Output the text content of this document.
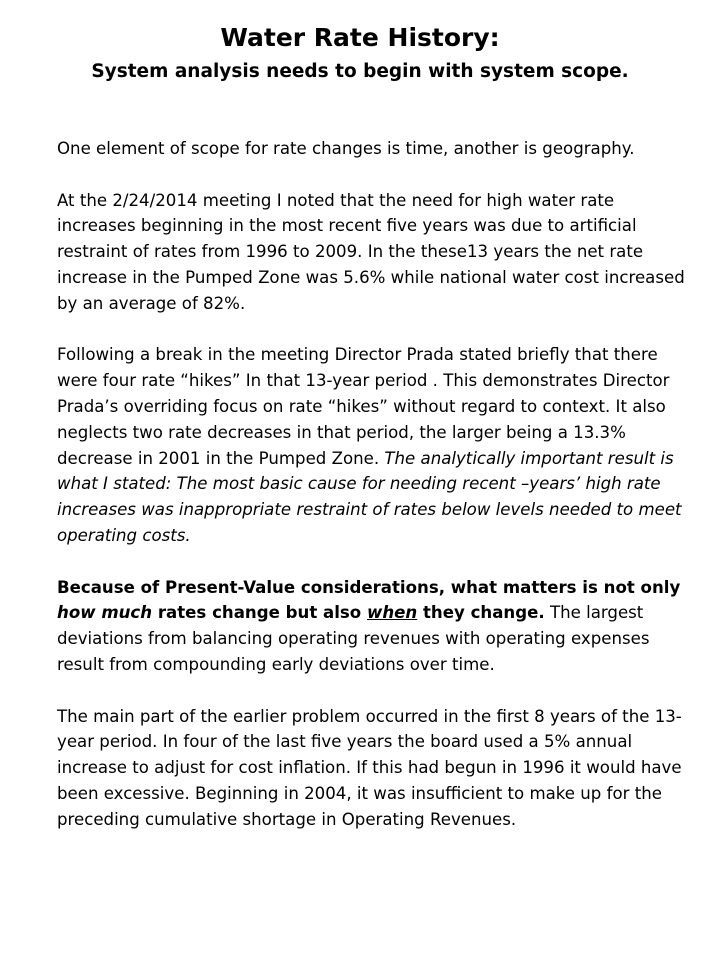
Water Rate History:
System analysis needs to begin with system scope.

One element of scope for rate changes is time, another is geography.

At the 2/24/2014 meeting I noted that the need for high water rate increases beginning in the most recent five years was due to artificial restraint of rates from 1996 to 2009. In the these13 years the net rate increase in the Pumped Zone was 5.6% while national water cost increased by an average of 82%.

Following a break in the meeting Director Prada stated briefly that there were four rate “hikes” In that 13-year period . This demonstrates Director Prada’s overriding focus on rate “hikes” without regard to context. It also neglects two rate decreases in that period, the larger being a 13.3% decrease in 2001 in the Pumped Zone. The analytically important result is what I stated: The most basic cause for needing recent –years’ high rate increases was inappropriate restraint of rates below levels needed to meet operating costs.

Because of Present-Value considerations, what matters is not only how much rates change but also when they change. The largest deviations from balancing operating revenues with operating expenses result from compounding early deviations over time.

The main part of the earlier problem occurred in the first 8 years of the 13-year period. In four of the last five years the board used a 5% annual increase to adjust for cost inflation. If this had begun in 1996 it would have been excessive. Beginning in 2004, it was insufficient to make up for the preceding cumulative shortage in Operating Revenues.
